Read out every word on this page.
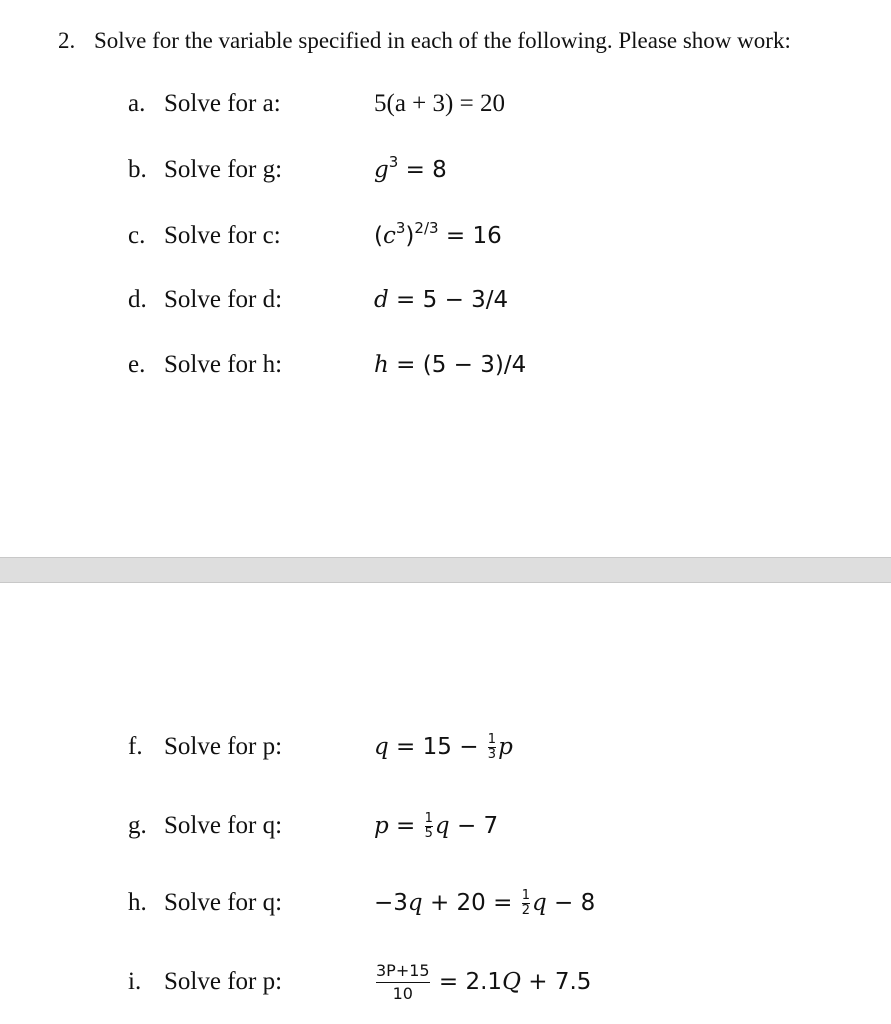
2. Solve for the variable specified in each of the following. Please show work:
a. Solve for a:	5(a + 3) = 20
b. Solve for g:	$g^3 = 8$
c. Solve for c:	$(c^3)^{2/3} = 16$
d. Solve for d:	d = 5 − 3/4
e. Solve for h:	h = (5 − 3)/4
f. Solve for p:	$q = 15 - \frac{1}{3}$ p
g. Solve for q:	$p = \frac{1}{5}$ q − 7
h. Solve for q:	$-3q + 20 = \frac{1}{2}$ q − 8
i. Solve for p:	$\frac{3P+15}{10} = 2.1Q + 7.5$
